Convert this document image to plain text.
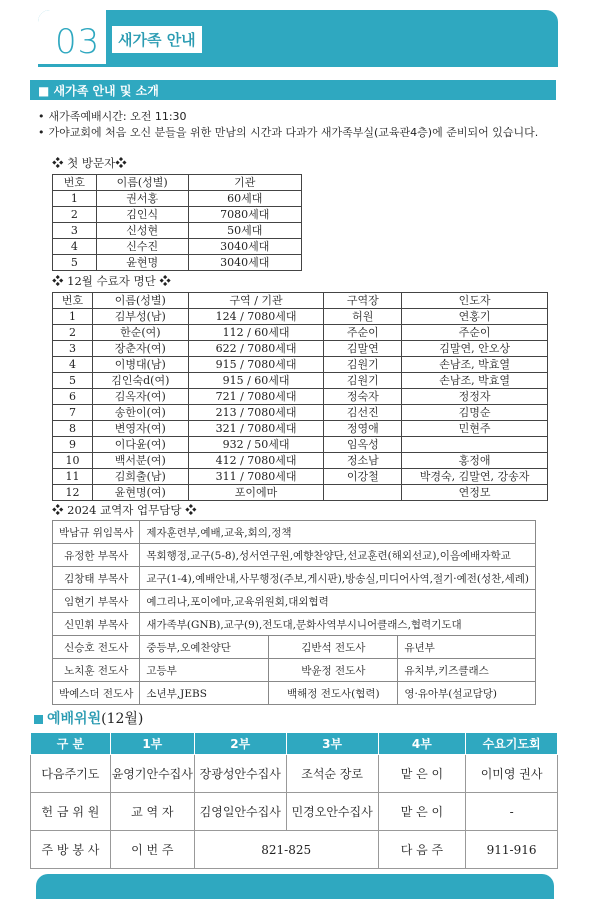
03	새가족 안내
■ 새가족 안내 및 소개
• 새가족예배시간: 오전 11:30
• 가야교회에 처음 오신 분들을 위한 만남의 시간과 다과가 새가족부실(교육관4층)에 준비되어 있습니다.
❖ 첫 방문자❖
번호	이름(성별)	기관
1	권서홍	60세대
2	김인식	7080세대
3	신성현	50세대
4	신수진	3040세대
5	윤현명	3040세대
❖ 12월 수료자 명단 ❖
번호	이름(성별)	구역 / 기관	구역장	인도자
1	김부성(남)	124 / 7080세대	허원	연홍기
2	한순(여)	112 / 60세대	주순이	주순이
3	장춘자(여)	622 / 7080세대	김말연	김말연, 안오상
4	이병대(남)	915 / 7080세대	김원기	손남조, 박효열
5	김인숙d(여)	915 / 60세대	김원기	손남조, 박효열
6	김옥자(여)	721 / 7080세대	정숙자	정정자
7	송한이(여)	213 / 7080세대	김선진	김명순
8	변영자(여)	321 / 7080세대	정영애	민현주
9	이다윤(여)	932 / 50세대	임옥성	
10	백서분(여)	412 / 7080세대	정소남	홍정애
11	김희출(남)	311 / 7080세대	이강철	박경숙, 김말연, 강송자
12	윤현명(여)	포이에마		연정모
❖ 2024 교역자 업무담당 ❖
박남규 위임목사	제자훈련부,예배,교육,회의,정책		
유정한 부목사	목회행정,교구(5-8),성서연구원,예향찬양단,선교훈련(해외선교),이음예배자학교		
김창태 부목사	교구(1-4),예배안내,사무행정(주보,게시판),방송실,미디어사역,절기·예전(성찬,세례)		
임현기 부목사	예그리나,포이에마,교육위원회,대외협력		
신민휘 부목사	새가족부(GNB),교구(9),전도대,문화사역부시니어클래스,협력기도대		
신승호 전도사	중등부,오예찬양단	김반석 전도사	유년부
노치훈 전도사	고등부	박윤정 전도사	유치부,키즈클래스
박예스더 전도사	소년부,JEBS	백해정 전도사(협력)	영·유아부(설교담당)
예배위원(12월)
구 분	1부	2부	3부	4부	수요기도회
다음주기도	윤영기안수집사	장광성안수집사	조석순 장로	맡 은 이	이미영 권사
헌 금 위 원	교 역 자	김영일안수집사	민경오안수집사	맡 은 이	-
주 방 봉 사	이 번 주	821-825		다 음 주	911-916
